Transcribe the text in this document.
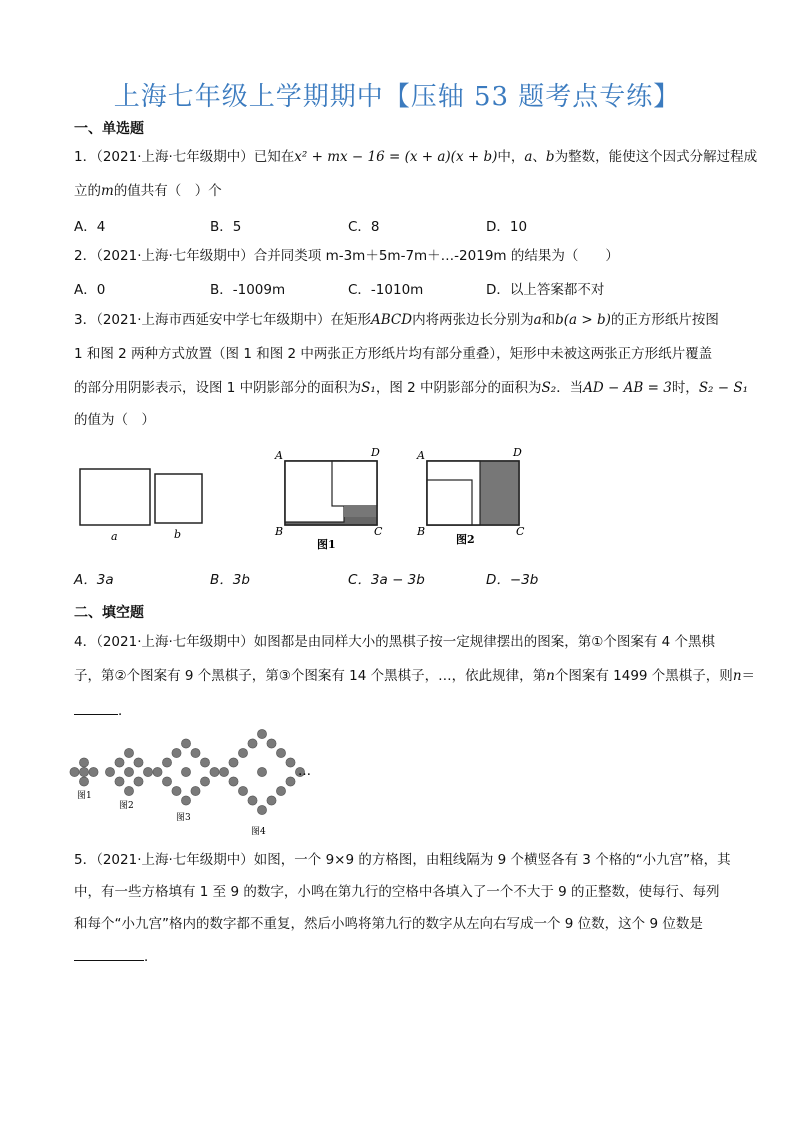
上海七年级上学期期中【压轴 53 题考点专练】
一、单选题
1．（2021·上海·七年级期中）已知在x² + mx − 16 = (x + a)(x + b)中，a、b为整数，能使这个因式分解过程成
立的m的值共有（　）个
A．4	B．5	C．8	D．10
2．（2021·上海·七年级期中）合并同类项 m-3m＋5m-7m＋…-2019m 的结果为（　　）
A．0	B．-1009m	C．-1010m	D．以上答案都不对
3．（2021·上海市西延安中学七年级期中）在矩形ABCD内将两张边长分别为a和b(a > b)的正方形纸片按图
1 和图 2 两种方式放置（图 1 和图 2 中两张正方形纸片均有部分重叠），矩形中未被这两张正方形纸片覆盖
的部分用阴影表示，设图 1 中阴影部分的面积为S₁，图 2 中阴影部分的面积为S₂．当AD − AB = 3时，S₂ − S₁
的值为（　）
a	b
A	D
B	C
图1
A	D
B	C
图2
A．3a	B．3b	C．3a − 3b	D．−3b
二、填空题
4．（2021·上海·七年级期中）如图都是由同样大小的黑棋子按一定规律摆出的图案，第①个图案有 4 个黑棋
子，第②个图案有 9 个黑棋子，第③个图案有 14 个黑棋子，…，依此规律，第n个图案有 1499 个黑棋子，则n＝
．
图1
图2
图3
图4
…
5．（2021·上海·七年级期中）如图，一个 9×9 的方格图，由粗线隔为 9 个横竖各有 3 个格的“小九宫”格，其
中，有一些方格填有 1 至 9 的数字，小鸣在第九行的空格中各填入了一个不大于 9 的正整数，使每行、每列
和每个“小九宫”格内的数字都不重复，然后小鸣将第九行的数字从左向右写成一个 9 位数，这个 9 位数是
．
